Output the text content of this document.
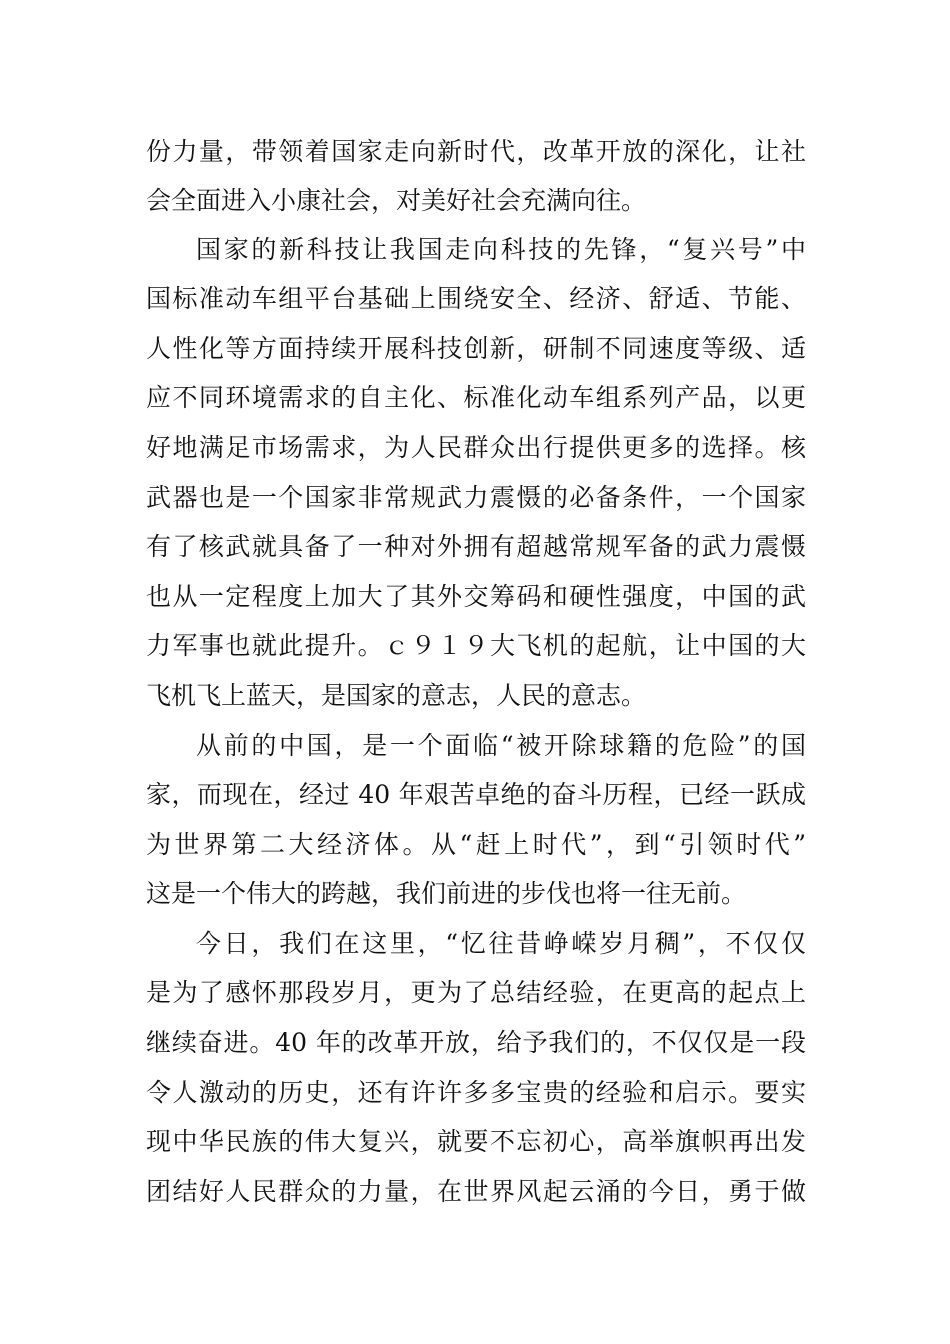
份力量，带领着国家走向新时代，改革开放的深化，让社
会全面进入小康社会，对美好社会充满向往。
国家的新科技让我国走向科技的先锋，“复兴号”中
国标准动车组平台基础上围绕安全、经济、舒适、节能、
人性化等方面持续开展科技创新，研制不同速度等级、适
应不同环境需求的自主化、标准化动车组系列产品，以更
好地满足市场需求，为人民群众出行提供更多的选择。核
武器也是一个国家非常规武力震慑的必备条件，一个国家
有了核武就具备了一种对外拥有超越常规军备的武力震慑
也从一定程度上加大了其外交筹码和硬性强度，中国的武
力军事也就此提升。ｃ９１９大飞机的起航，让中国的大
飞机飞上蓝天，是国家的意志，人民的意志。
从前的中国，是一个面临“被开除球籍的危险”的国
家，而现在，经过 40 年艰苦卓绝的奋斗历程，已经一跃成
为世界第二大经济体。从“赶上时代”，到“引领时代”
这是一个伟大的跨越，我们前进的步伐也将一往无前。
今日，我们在这里，“忆往昔峥嵘岁月稠”，不仅仅
是为了感怀那段岁月，更为了总结经验，在更高的起点上
继续奋进。40 年的改革开放，给予我们的，不仅仅是一段
令人激动的历史，还有许许多多宝贵的经验和启示。要实
现中华民族的伟大复兴，就要不忘初心，高举旗帜再出发
团结好人民群众的力量，在世界风起云涌的今日，勇于做
